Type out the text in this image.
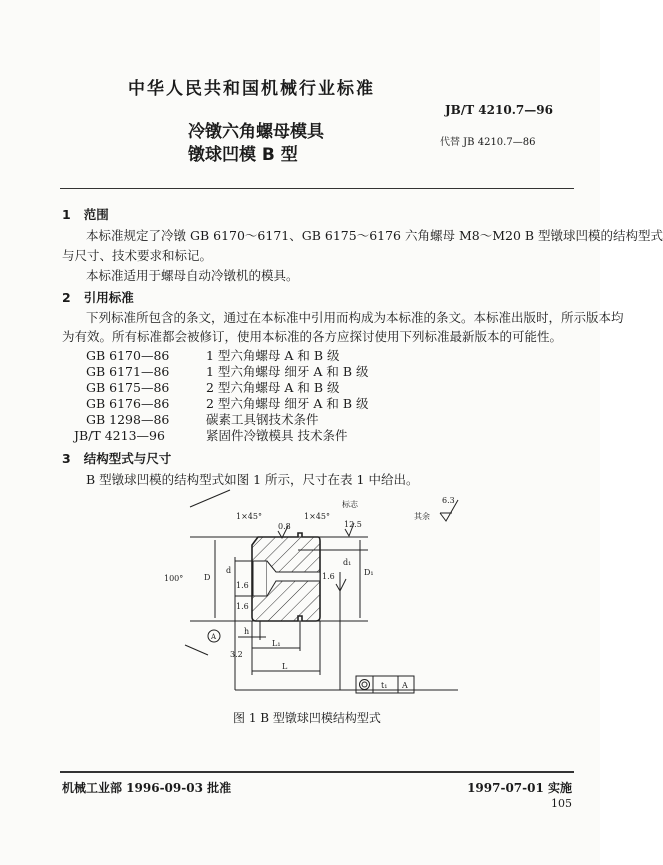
中华人民共和国机械行业标准
JB/T 4210.7—96
冷镦六角螺母模具
镦球凹模 B 型
代替 JB 4210.7—86
1 范围
本标准规定了冷镦 GB 6170～6171、GB 6175～6176 六角螺母 M8～M20 B 型镦球凹模的结构型式
与尺寸、技术要求和标记。
本标准适用于螺母自动冷镦机的模具。
2 引用标准
下列标准所包含的条文，通过在本标准中引用而构成为本标准的条文。本标准出版时，所示版本均
为有效。所有标准都会被修订，使用本标准的各方应探讨使用下列标准最新版本的可能性。
GB 6170—86	1 型六角螺母 A 和 B 级
GB 6171—86	1 型六角螺母 细牙 A 和 B 级
GB 6175—86	2 型六角螺母 A 和 B 级
GB 6176—86	2 型六角螺母 细牙 A 和 B 级
GB 1298—86	碳素工具钢技术条件
JB/T 4213—96	紧固件冷镦模具 技术条件
3 结构型式与尺寸
B 型镦球凹模的结构型式如图 1 所示，尺寸在表 1 中给出。
1×45°	1×45°
标志
其余
6.3
0.8	12.5
1.6
1.6
1.6
3.2
100°	D
D₁
d
d₁
h
L₁
L
A
t₁ A
图 1 B 型镦球凹模结构型式
机械工业部 1996-09-03 批准	1997-07-01 实施
105
